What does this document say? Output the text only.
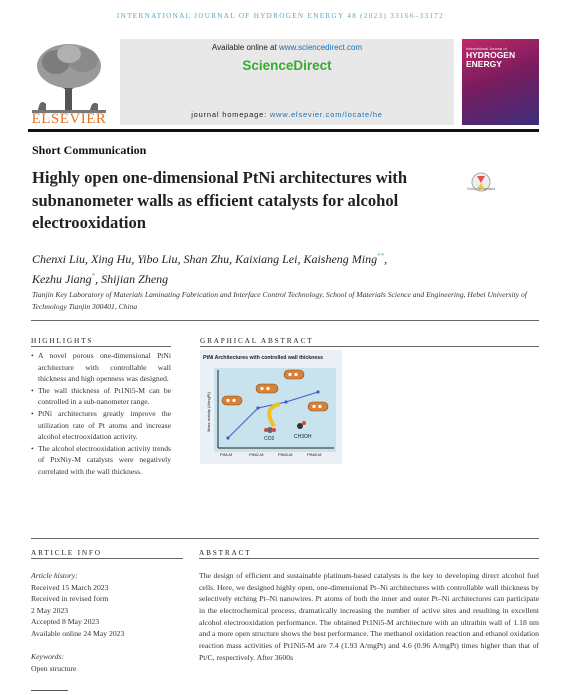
INTERNATIONAL JOURNAL OF HYDROGEN ENERGY 48 (2023) 33166–33172
ELSEVIER
Available online at www.sciencedirect.com
ScienceDirect
journal homepage: www.elsevier.com/locate/he
International Journal of
HYDROGEN ENERGY
Short Communication
Highly open one-dimensional PtNi architectures with subnanometer walls as efficient catalysts for alcohol electrooxidation
Check for updates
Chenxi Liu, Xing Hu, Yibo Liu, Shan Zhu, Kaixiang Lei, Kaisheng Ming**,
Kezhu Jiang*, Shijian Zheng
Tianjin Key Laboratory of Materials Laminating Fabrication and Interface Control Technology, School of Materials Science and Engineering, Hebei University of Technology Tianjin 300401, China
HIGHLIGHTS	GRAPHICAL ABSTRACT
• A novel porous one-dimensional PtNi architecture with controllable wall thickness and high openness was designed.
• The wall thickness of Pt1Ni5-M can be controlled in a sub-nanometer range.
• PtNi architectures greatly improve the utilization rate of Pt atoms and increase alcohol electrooxidation activity.
• The alcohol electrooxidation activity trends of PtxNiy-M catalysts were negatively correlated with the wall thickness.
PtNi Architectures with controlled wall thickness
Mass activity (A/mgPt)
CO2	CH3OH
PtNi-M	PtNi2-M	PtNi3-M	PtNi5-M
ARTICLE INFO	ABSTRACT
Article history:
Received 15 March 2023
Received in revised form
2 May 2023
Accepted 8 May 2023
Available online 24 May 2023
Keywords:
Open structure
The design of efficient and sustainable platinum-based catalysts is the key to developing direct alcohol fuel cells. Here, we designed highly open, one-dimensional Pt–Ni architectures with controllable wall thickness by selectively etching Pt–Ni nanowires. Pt atoms of both the inner and outer Pt–Ni architectures can participate in the electrochemical process, dramatically increasing the number of active sites and resulting in excellent alcohol electrooxidation performance. The obtained Pt1Ni5-M architecture with an ultrathin wall of 1.18 nm and a more open structure shows the best performance. The methanol oxidation reaction and ethanol oxidation reaction mass activities of Pt1Ni5-M are 7.4 (1.93 A/mgPt) and 4.6 (0.96 A/mgPt) times higher than that of Pt/C, respectively. After 3600s
